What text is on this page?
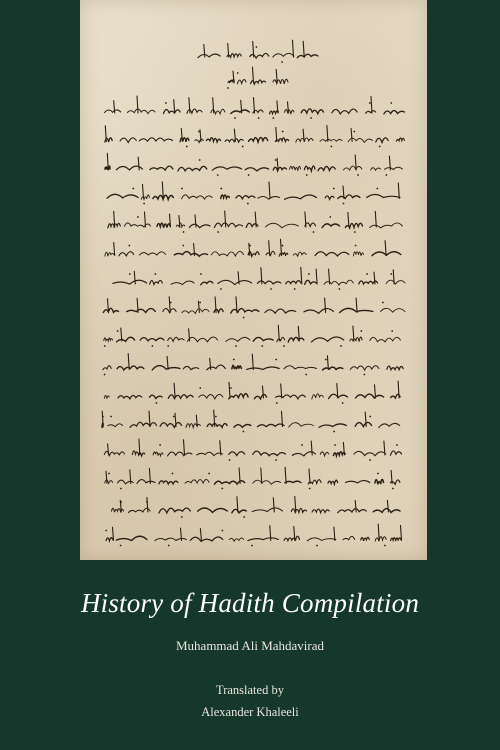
History of Hadith Compilation
Muhammad Ali Mahdavirad
Translated by
Alexander Khaleeli
